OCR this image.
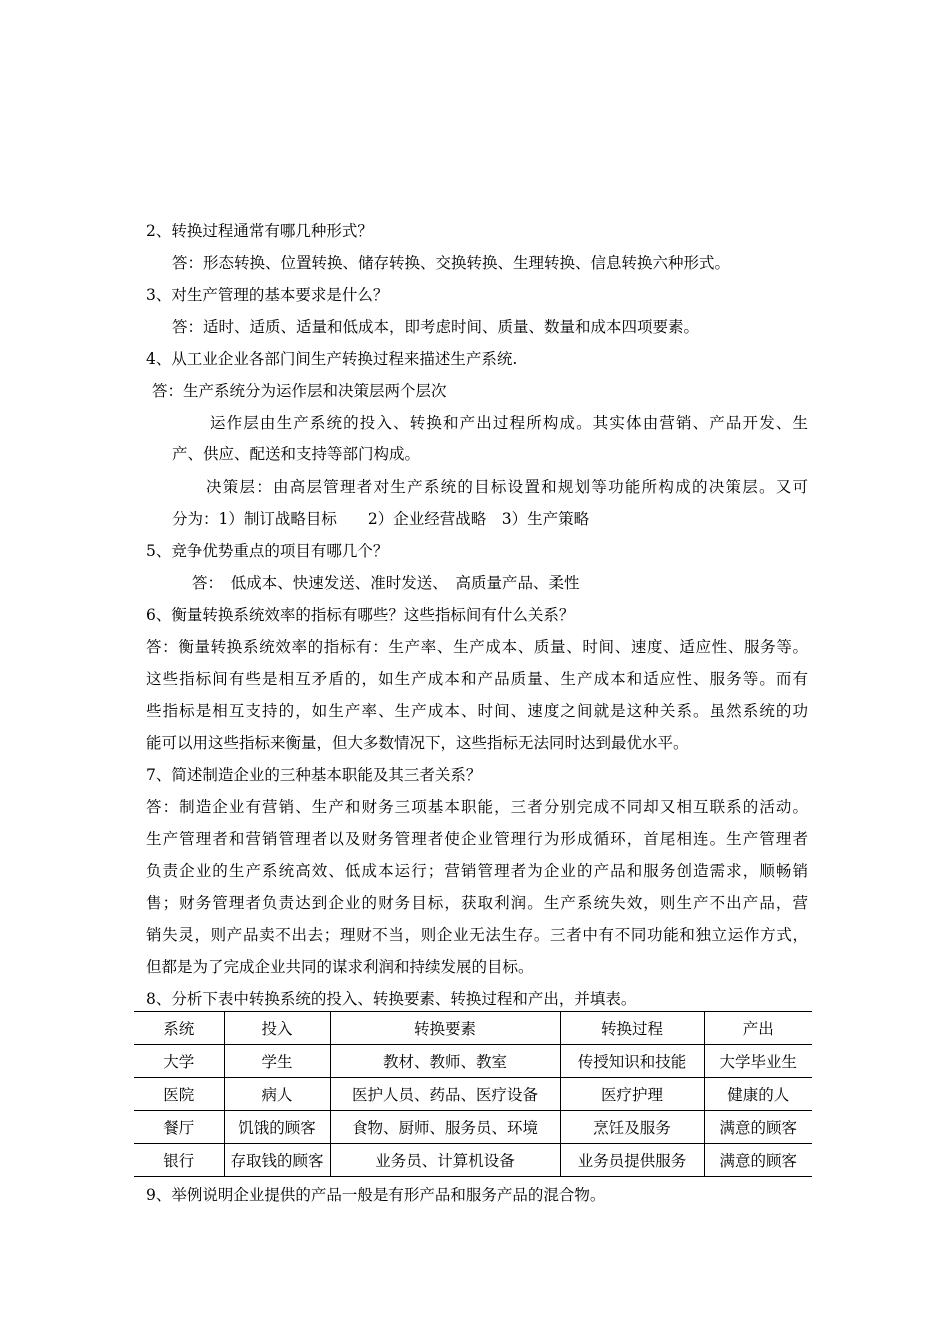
2、转换过程通常有哪几种形式？
答：形态转换、位置转换、储存转换、交换转换、生理转换、信息转换六种形式。
3、对生产管理的基本要求是什么？
答：适时、适质、适量和低成本，即考虑时间、质量、数量和成本四项要素。
4、从工业企业各部门间生产转换过程来描述生产系统.
答：生产系统分为运作层和决策层两个层次
运作层由生产系统的投入、转换和产出过程所构成。其实体由营销、产品开发、生
产、供应、配送和支持等部门构成。
决策层：由高层管理者对生产系统的目标设置和规划等功能所构成的决策层。又可
分为：1）制订战略目标　　2）企业经营战略　3）生产策略
5、竞争优势重点的项目有哪几个？
答：　低成本、快速发送、准时发送、　高质量产品、柔性
6、衡量转换系统效率的指标有哪些？这些指标间有什么关系？
答：衡量转换系统效率的指标有：生产率、生产成本、质量、时间、速度、适应性、服务等。
这些指标间有些是相互矛盾的，如生产成本和产品质量、生产成本和适应性、服务等。而有
些指标是相互支持的，如生产率、生产成本、时间、速度之间就是这种关系。虽然系统的功
能可以用这些指标来衡量，但大多数情况下，这些指标无法同时达到最优水平。
7、简述制造企业的三种基本职能及其三者关系？
答：制造企业有营销、生产和财务三项基本职能，三者分别完成不同却又相互联系的活动。
生产管理者和营销管理者以及财务管理者使企业管理行为形成循环，首尾相连。生产管理者
负责企业的生产系统高效、低成本运行；营销管理者为企业的产品和服务创造需求，顺畅销
售；财务管理者负责达到企业的财务目标，获取利润。生产系统失效，则生产不出产品，营
销失灵，则产品卖不出去；理财不当，则企业无法生存。三者中有不同功能和独立运作方式，
但都是为了完成企业共同的谋求利润和持续发展的目标。
8、分析下表中转换系统的投入、转换要素、转换过程和产出，并填表。
系统	投入	转换要素	转换过程	产出
大学	学生	教材、教师、教室	传授知识和技能	大学毕业生
医院	病人	医护人员、药品、医疗设备	医疗护理	健康的人
餐厅	饥饿的顾客	食物、厨师、服务员、环境	烹饪及服务	满意的顾客
银行	存取钱的顾客	业务员、计算机设备	业务员提供服务	满意的顾客
9、举例说明企业提供的产品一般是有形产品和服务产品的混合物。
